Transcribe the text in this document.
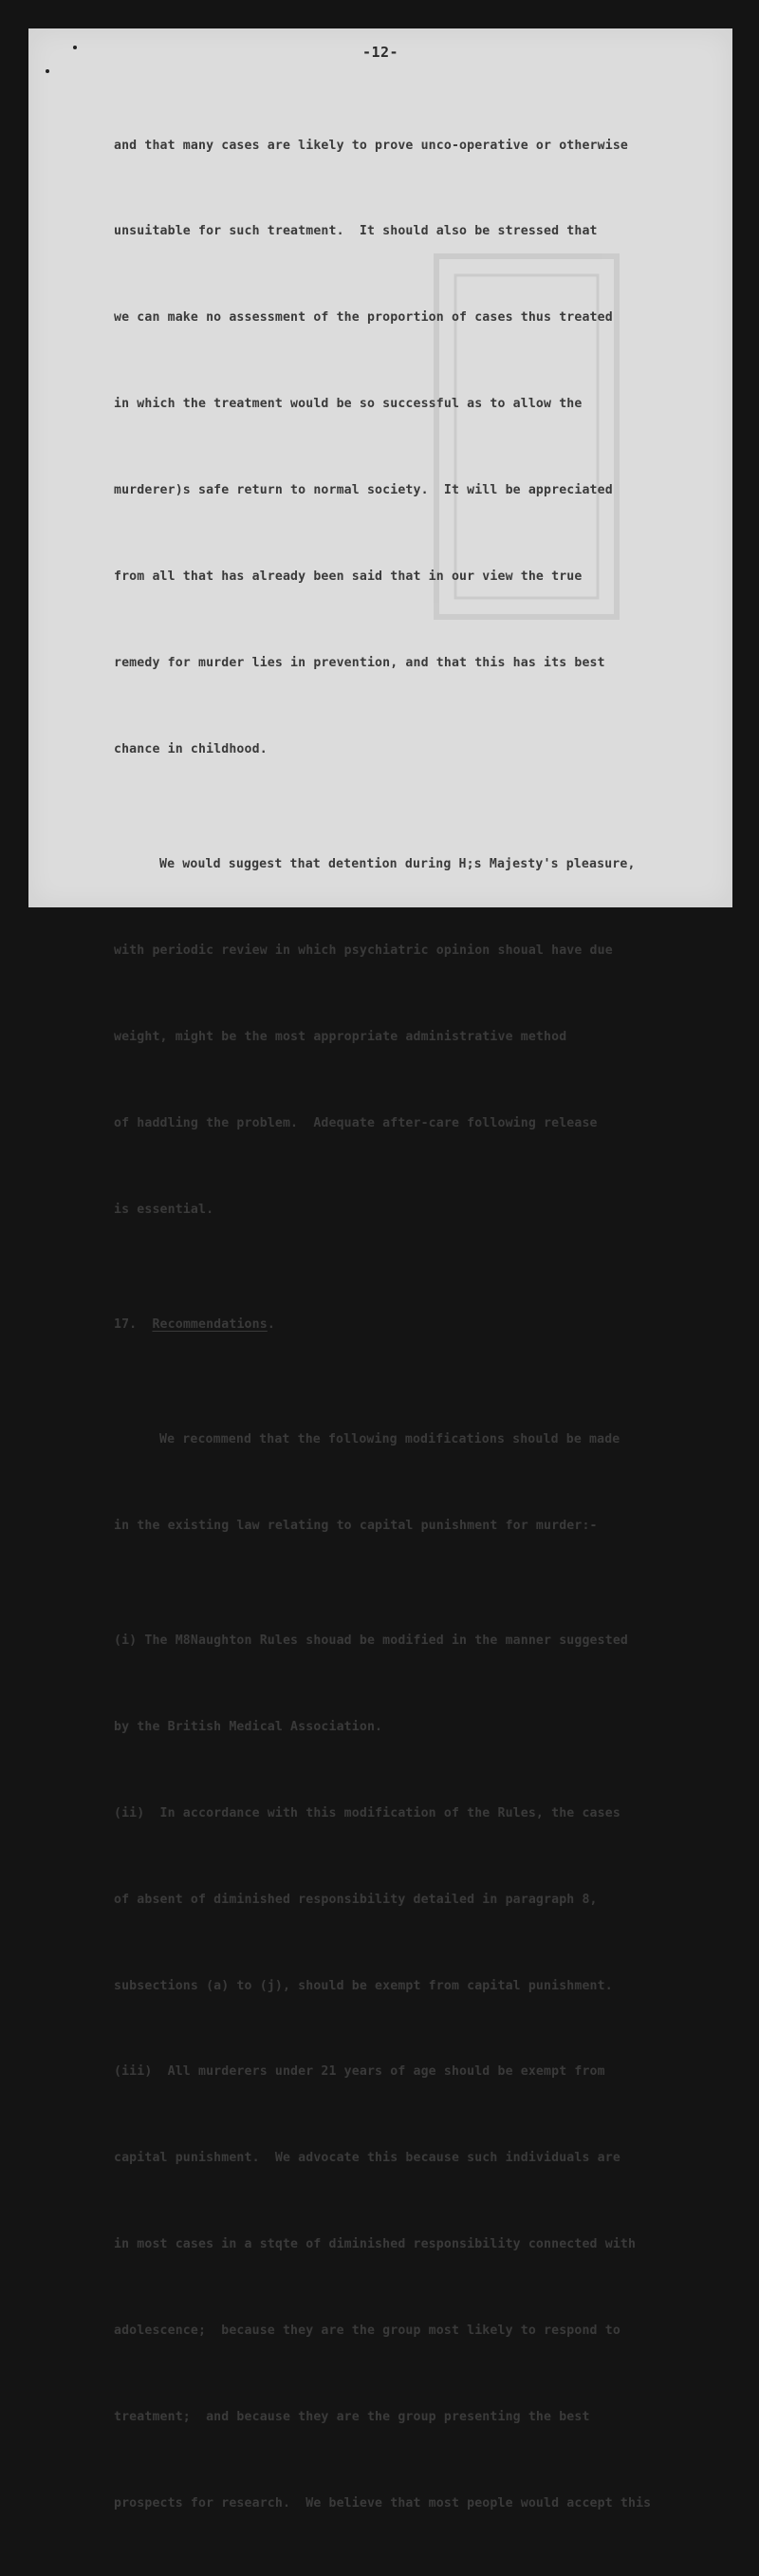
-12-

and that many cases are likely to prove unco-operative or otherwise

unsuitable for such treatment.  It should also be stressed that

we can make no assessment of the proportion of cases thus treated

in which the treatment would be so successful as to allow the

murderer)s safe return to normal society.  It will be appreciated

from all that has already been said that in our view the true

remedy for murder lies in prevention, and that this has its best

chance in childhood.

We would suggest that detention during H;s Majesty's pleasure,

with periodic review in which psychiatric opinion shoual have due

weight, might be the most appropriate administrative method

of haddling the problem.  Adequate after-care following release

is essential.

17. Recommendations.

We recommend that the following modifications should be made

in the existing law relating to capital punishment for murder:-

(i) The M8Naughton Rules shouad be modified in the manner suggested

by the British Medical Association.

(ii)  In accordance with this modification of the Rules, the cases

of absent of diminished responsibility detailed in paragraph 8,

subsections (a) to (j), should be exempt from capital punishment.

(iii)  All murderers under 21 years of age should be exempt from

capital punishment.  We advocate this because such individuals are

in most cases in a stqte of diminished responsibility connected with

adolescence;  because they are the group most likely to respond to

treatment;  and because they are the group presenting the best

prospects for research.  We believe that most people would accept this
